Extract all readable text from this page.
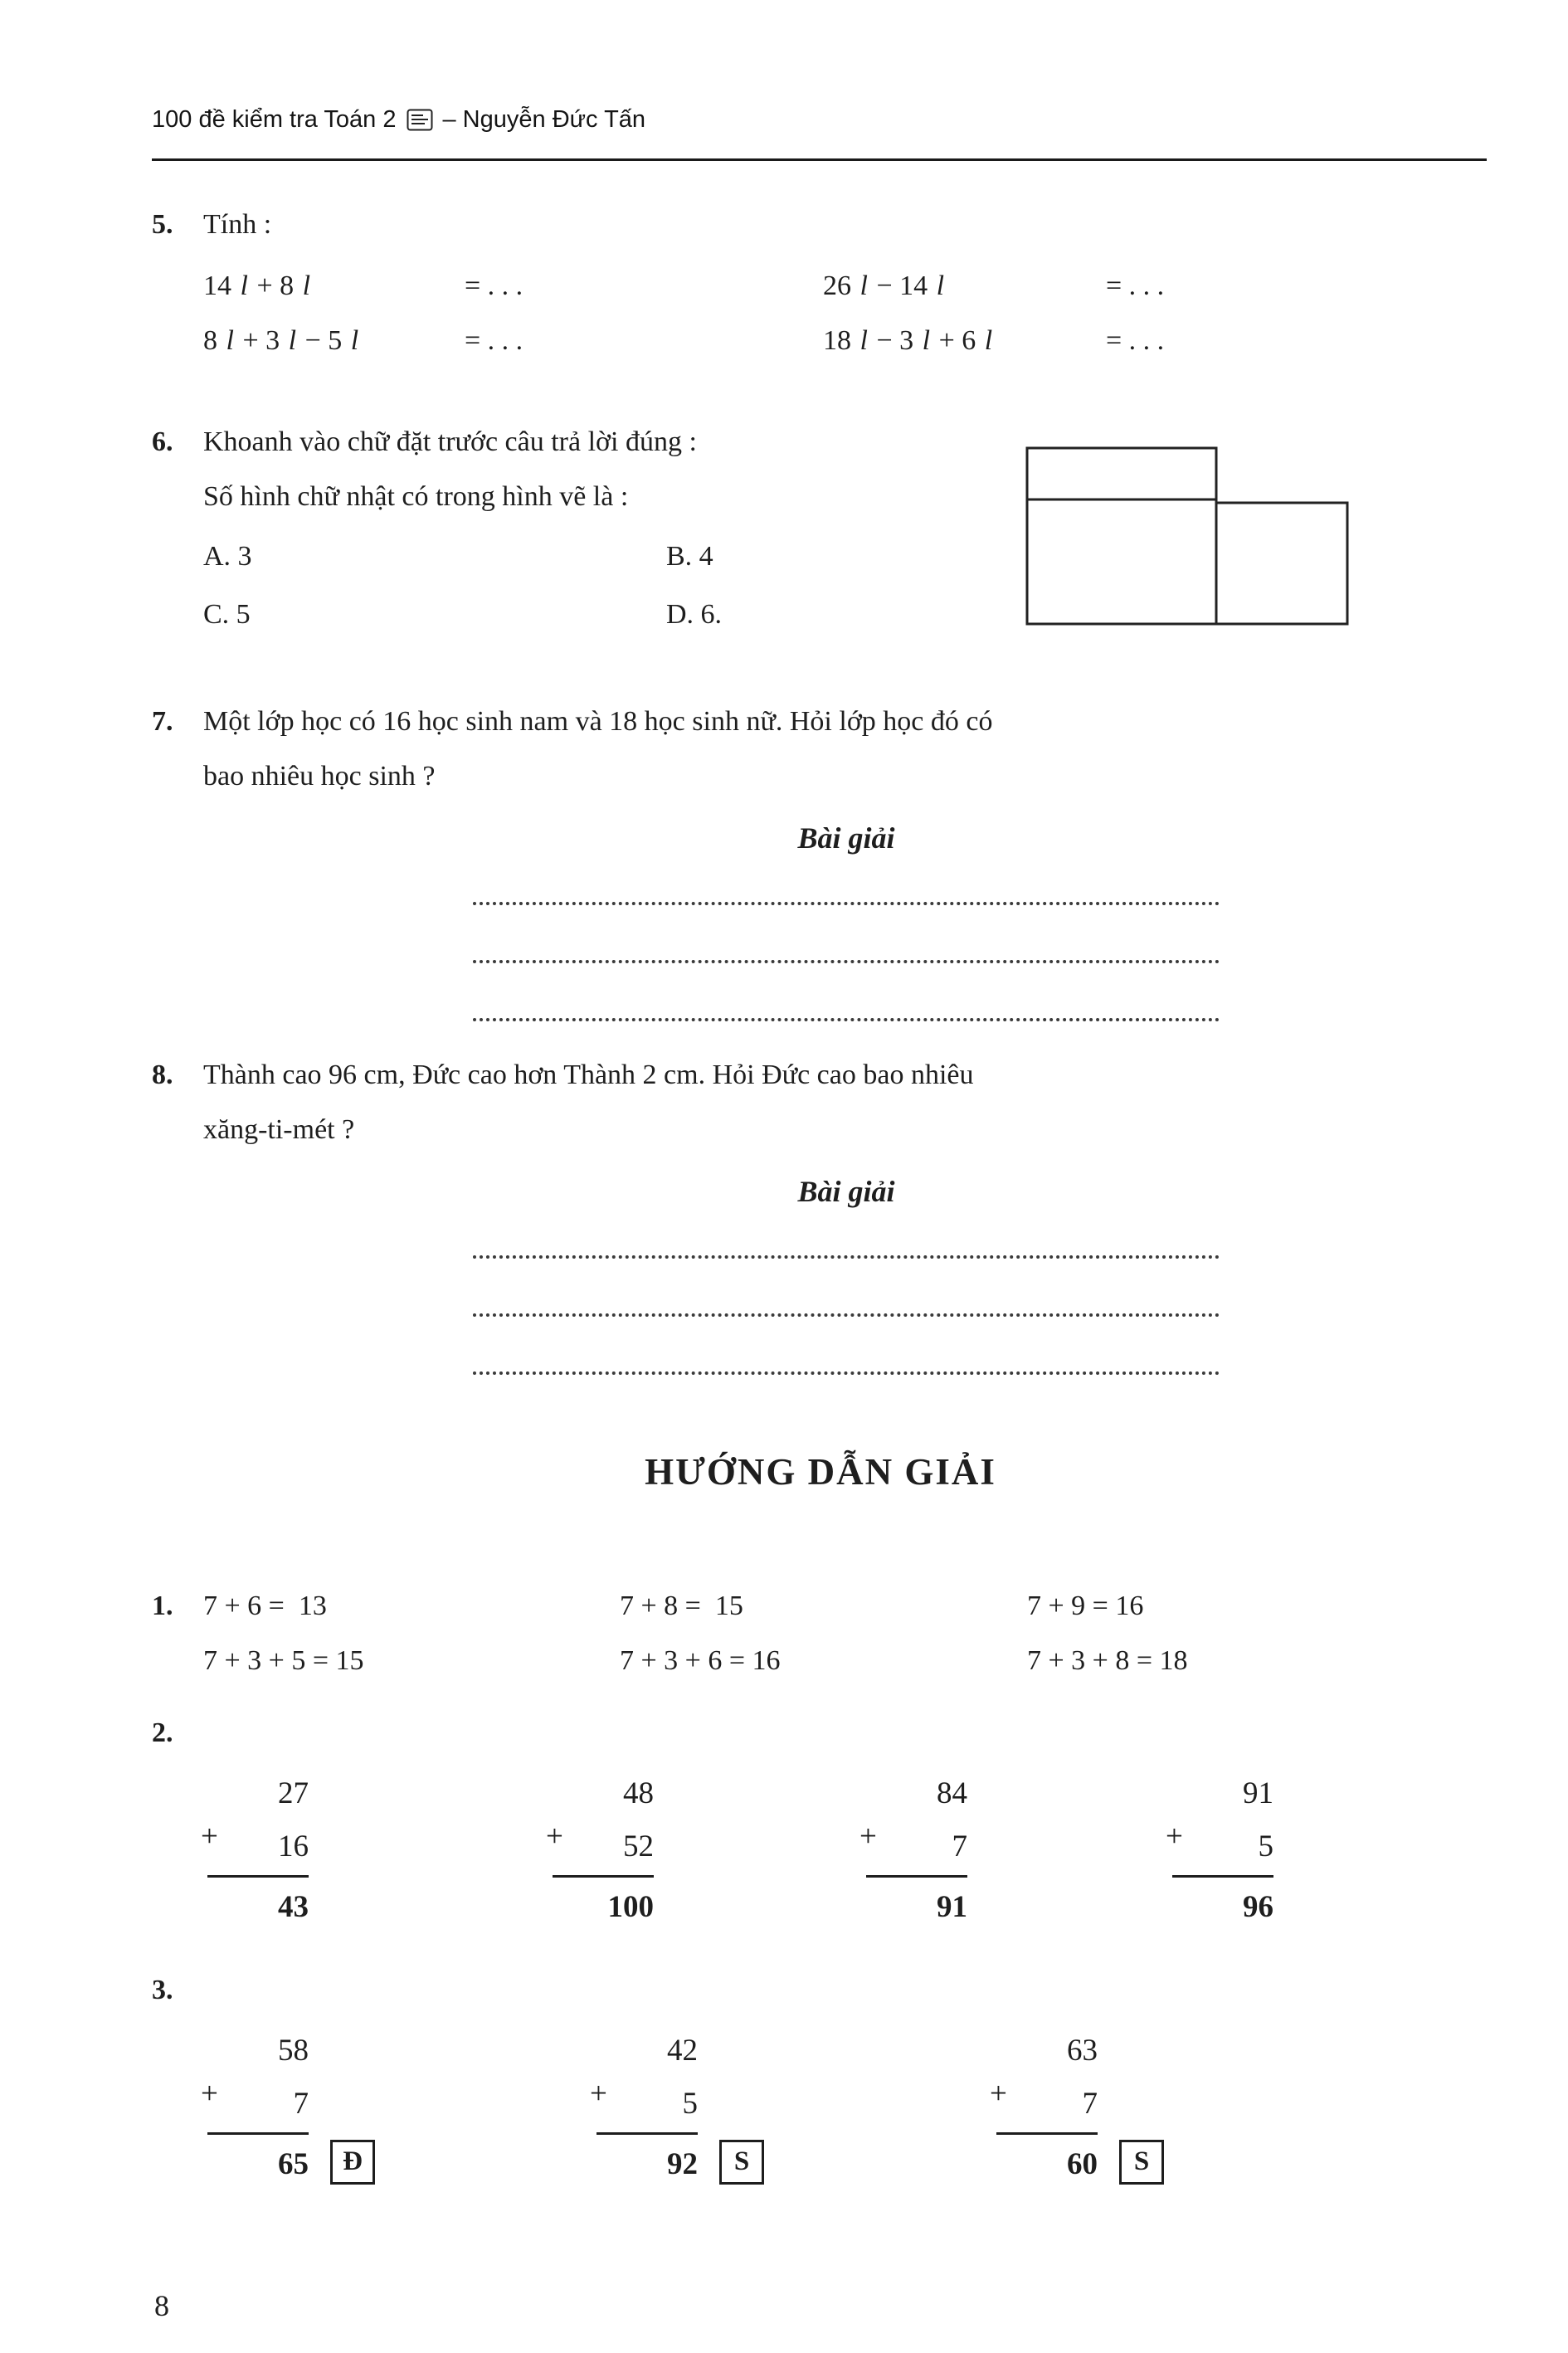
100 đề kiểm tra Toán 2 – Nguyễn Đức Tấn
5.	Tính :
14 l + 8 l	= . . .	26 l − 14 l	= . . .
8 l + 3 l − 5 l	= . . .	18 l − 3 l + 6 l	= . . .
6.	Khoanh vào chữ đặt trước câu trả lời đúng :
Số hình chữ nhật có trong hình vẽ là :
A. 3	B. 4
C. 5	D. 6.
7.	Một lớp học có 16 học sinh nam và 18 học sinh nữ. Hỏi lớp học đó có
bao nhiêu học sinh ?
Bài giải
8.	Thành cao 96 cm, Đức cao hơn Thành 2 cm. Hỏi Đức cao bao nhiêu
xăng-ti-mét ?
Bài giải
HƯỚNG DẪN GIẢI
1.	7 + 6 =  13	7 + 8 =  15	7 + 9 = 16
7 + 3 + 5 = 15	7 + 3 + 6 = 16	7 + 3 + 8 = 18
2.
27
+ 16
43
48
+ 52
100
84
+ 7
91
91
+ 5
96
3.
58
+ 7
65	Đ
42
+ 5
92	S
63
+ 7
60	S
8
